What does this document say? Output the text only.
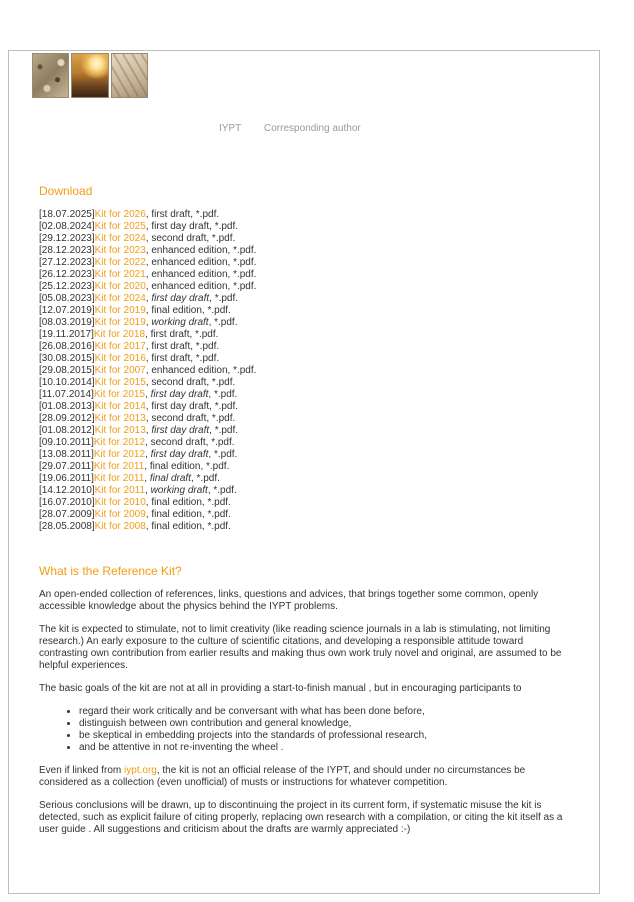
IYPT Corresponding author
Download
[18.07.2025]Kit for 2026, first draft, *.pdf.
[02.08.2024]Kit for 2025, first day draft, *.pdf.
[29.12.2023]Kit for 2024, second draft, *.pdf.
[28.12.2023]Kit for 2023, enhanced edition, *.pdf.
[27.12.2023]Kit for 2022, enhanced edition, *.pdf.
[26.12.2023]Kit for 2021, enhanced edition, *.pdf.
[25.12.2023]Kit for 2020, enhanced edition, *.pdf.
[05.08.2023]Kit for 2024, first day draft, *.pdf.
[12.07.2019]Kit for 2019, final edition, *.pdf.
[08.03.2019]Kit for 2019, working draft, *.pdf.
[19.11.2017]Kit for 2018, first draft, *.pdf.
[26.08.2016]Kit for 2017, first draft, *.pdf.
[30.08.2015]Kit for 2016, first draft, *.pdf.
[29.08.2015]Kit for 2007, enhanced edition, *.pdf.
[10.10.2014]Kit for 2015, second draft, *.pdf.
[11.07.2014]Kit for 2015, first day draft, *.pdf.
[01.08.2013]Kit for 2014, first day draft, *.pdf.
[28.09.2012]Kit for 2013, second draft, *.pdf.
[01.08.2012]Kit for 2013, first day draft, *.pdf.
[09.10.2011]Kit for 2012, second draft, *.pdf.
[13.08.2011]Kit for 2012, first day draft, *.pdf.
[29.07.2011]Kit for 2011, final edition, *.pdf.
[19.06.2011]Kit for 2011, final draft, *.pdf.
[14.12.2010]Kit for 2011, working draft, *.pdf.
[16.07.2010]Kit for 2010, final edition, *.pdf.
[28.07.2009]Kit for 2009, final edition, *.pdf.
[28.05.2008]Kit for 2008, final edition, *.pdf.
What is the Reference Kit?

An open-ended collection of references, links, questions and advices, that brings together some common, openly accessible knowledge about the physics behind the IYPT problems.

The kit is expected to stimulate, not to limit creativity (like reading science journals in a lab is stimulating, not limiting research.) An early exposure to the culture of scientific citations, and developing a responsible attitude toward contrasting own contribution from earlier results and making thus own work truly novel and original, are assumed to be helpful experiences.

The basic goals of the kit are not at all in providing a start-to-finish manual , but in encouraging participants to

• regard their work critically and be conversant with what has been done before,
• distinguish between own contribution and general knowledge,
• be skeptical in embedding projects into the standards of professional research,
• and be attentive in not re-inventing the wheel .

Even if linked from iypt.org, the kit is not an official release of the IYPT, and should under no circumstances be considered as a collection (even unofficial) of musts or instructions for whatever competition.

Serious conclusions will be drawn, up to discontinuing the project in its current form, if systematic misuse the kit is detected, such as explicit failure of citing properly, replacing own research with a compilation, or citing the kit itself as a user guide . All suggestions and criticism about the drafts are warmly appreciated :-)
